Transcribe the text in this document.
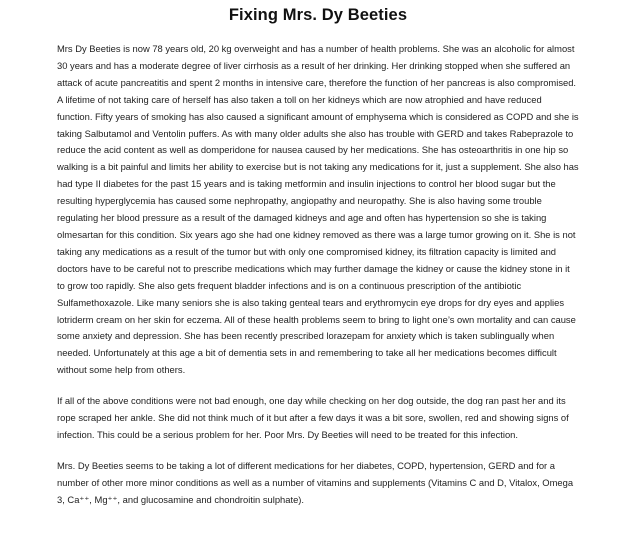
Fixing Mrs. Dy Beeties

Mrs Dy Beeties is now 78 years old, 20 kg overweight and has a number of health problems. She was an alcoholic for almost 30 years and has a moderate degree of liver cirrhosis as a result of her drinking. Her drinking stopped when she suffered an attack of acute pancreatitis and spent 2 months in intensive care, therefore the function of her pancreas is also compromised. A lifetime of not taking care of herself has also taken a toll on her kidneys which are now atrophied and have reduced function. Fifty years of smoking has also caused a significant amount of emphysema which is considered as COPD and she is taking Salbutamol and Ventolin puffers. As with many older adults she also has trouble with GERD and takes Rabeprazole to reduce the acid content as well as domperidone for nausea caused by her medications. She has osteoarthritis in one hip so walking is a bit painful and limits her ability to exercise but is not taking any medications for it, just a supplement. She also has had type II diabetes for the past 15 years and is taking metformin and insulin injections to control her blood sugar but the resulting hyperglycemia has caused some nephropathy, angiopathy and neuropathy. She is also having some trouble regulating her blood pressure as a result of the damaged kidneys and age and often has hypertension so she is taking olmesartan for this condition. Six years ago she had one kidney removed as there was a large tumor growing on it. She is not taking any medications as a result of the tumor but with only one compromised kidney, its filtration capacity is limited and doctors have to be careful not to prescribe medications which may further damage the kidney or cause the kidney stone in it to grow too rapidly. She also gets frequent bladder infections and is on a continuous prescription of the antibiotic Sulfamethoxazole. Like many seniors she is also taking genteal tears and erythromycin eye drops for dry eyes and applies lotriderm cream on her skin for eczema. All of these health problems seem to bring to light one’s own mortality and can cause some anxiety and depression. She has been recently prescribed lorazepam for anxiety which is taken sublingually when needed. Unfortunately at this age a bit of dementia sets in and remembering to take all her medications becomes difficult without some help from others.

If all of the above conditions were not bad enough, one day while checking on her dog outside, the dog ran past her and its rope scraped her ankle. She did not think much of it but after a few days it was a bit sore, swollen, red and showing signs of infection. This could be a serious problem for her. Poor Mrs. Dy Beeties will need to be treated for this infection.

Mrs. Dy Beeties seems to be taking a lot of different medications for her diabetes, COPD, hypertension, GERD and for a number of other more minor conditions as well as a number of vitamins and supplements (Vitamins C and D, Vitalox, Omega 3, Ca⁺⁺, Mg⁺⁺, and glucosamine and chondroitin sulphate).
